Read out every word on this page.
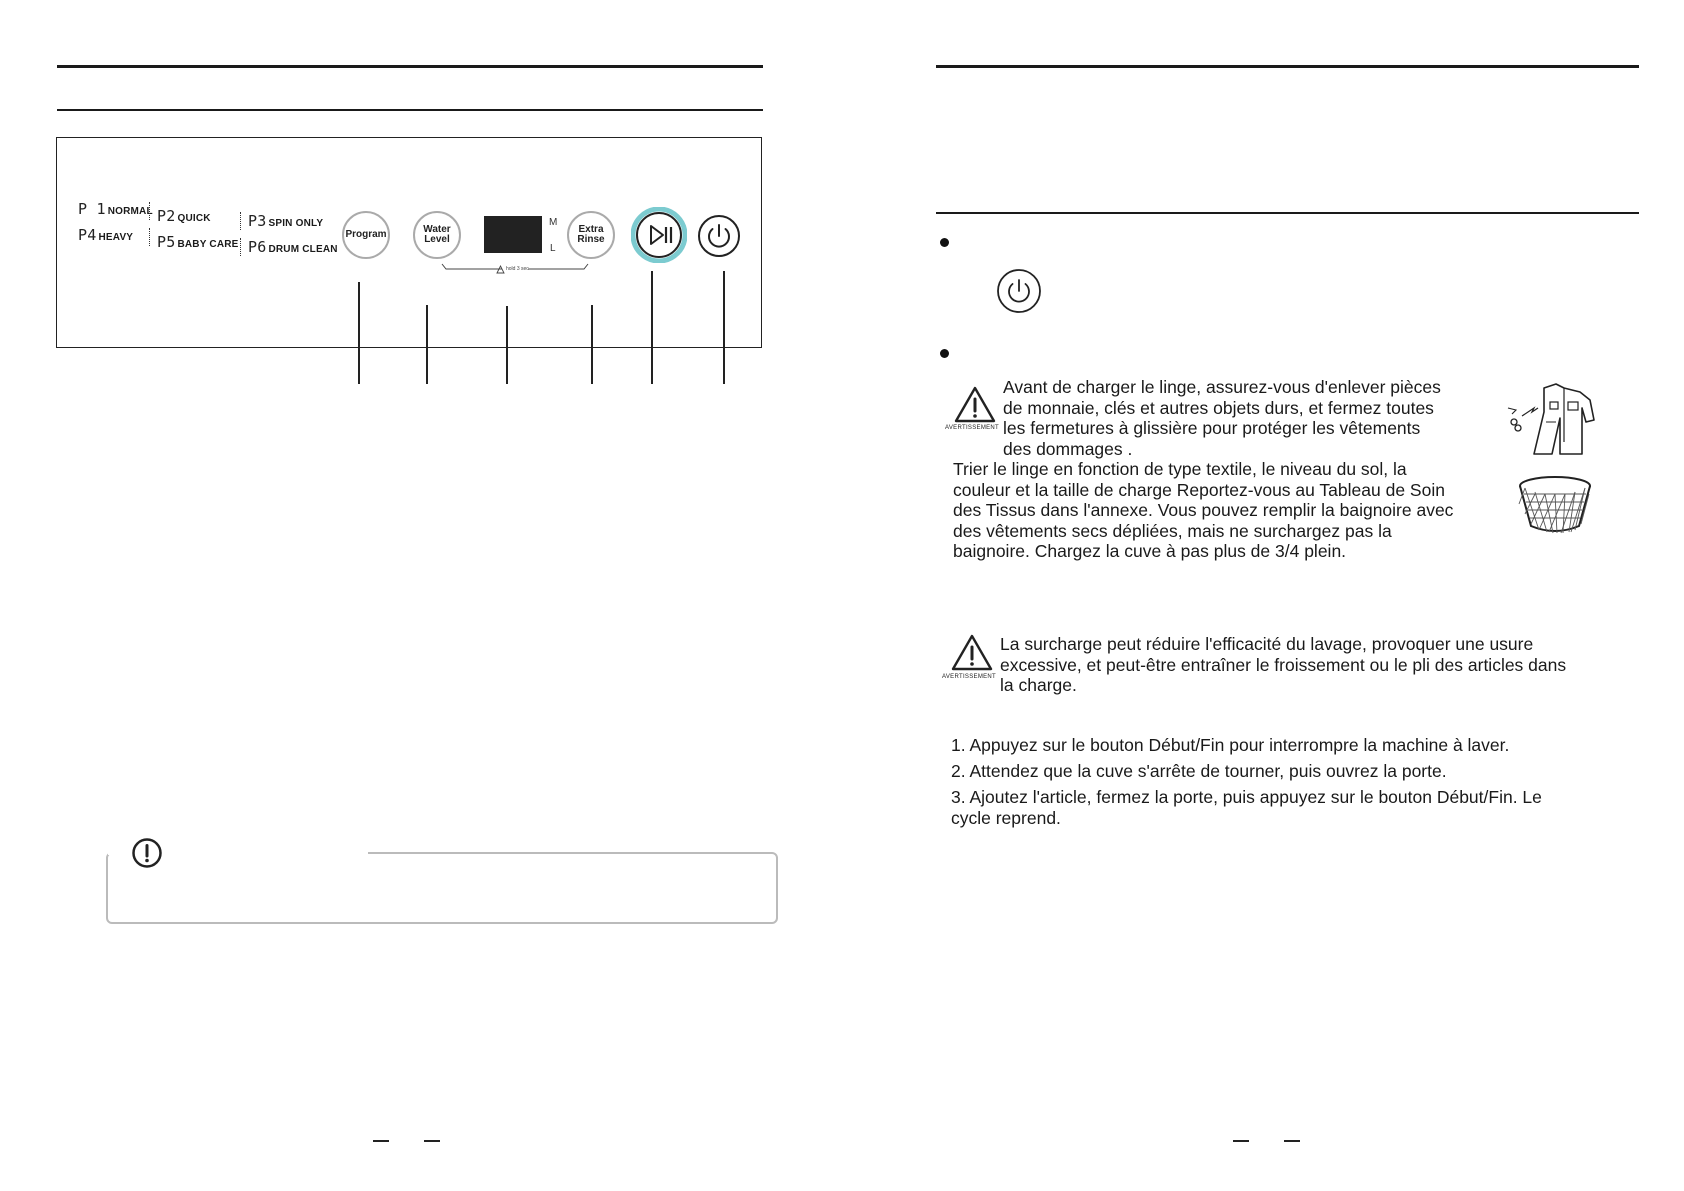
P 1 NORMAL
P4 HEAVY
P2 QUICK
P5 BABY CARE
P3 SPIN ONLY
P6 DRUM CLEAN
Program	Water
Level
M
L
Extra
Rinse
hold 3 sec
AVERTISSEMENT
Avant de charger le linge, assurez-vous d'enlever pièces
de monnaie, clés et autres objets durs, et fermez toutes
les fermetures à glissière pour protéger les vêtements
des dommages .
Trier le linge en fonction de type textile, le niveau du sol, la
couleur et la taille de charge Reportez-vous au Tableau de Soin
des Tissus dans l'annexe. Vous pouvez remplir la baignoire avec
des vêtements secs dépliées, mais ne surchargez pas la
baignoire. Chargez la cuve à pas plus de 3/4 plein.
AVERTISSEMENT
La surcharge peut réduire l'efficacité du lavage, provoquer une usure
excessive, et peut-être entraîner le froissement ou le pli des articles dans
la charge.
1. Appuyez sur le bouton Début/Fin pour interrompre la machine à laver.
2. Attendez que la cuve s'arrête de tourner, puis ouvrez la porte.
3. Ajoutez l'article, fermez la porte, puis appuyez sur le bouton Début/Fin. Le
cycle reprend.
